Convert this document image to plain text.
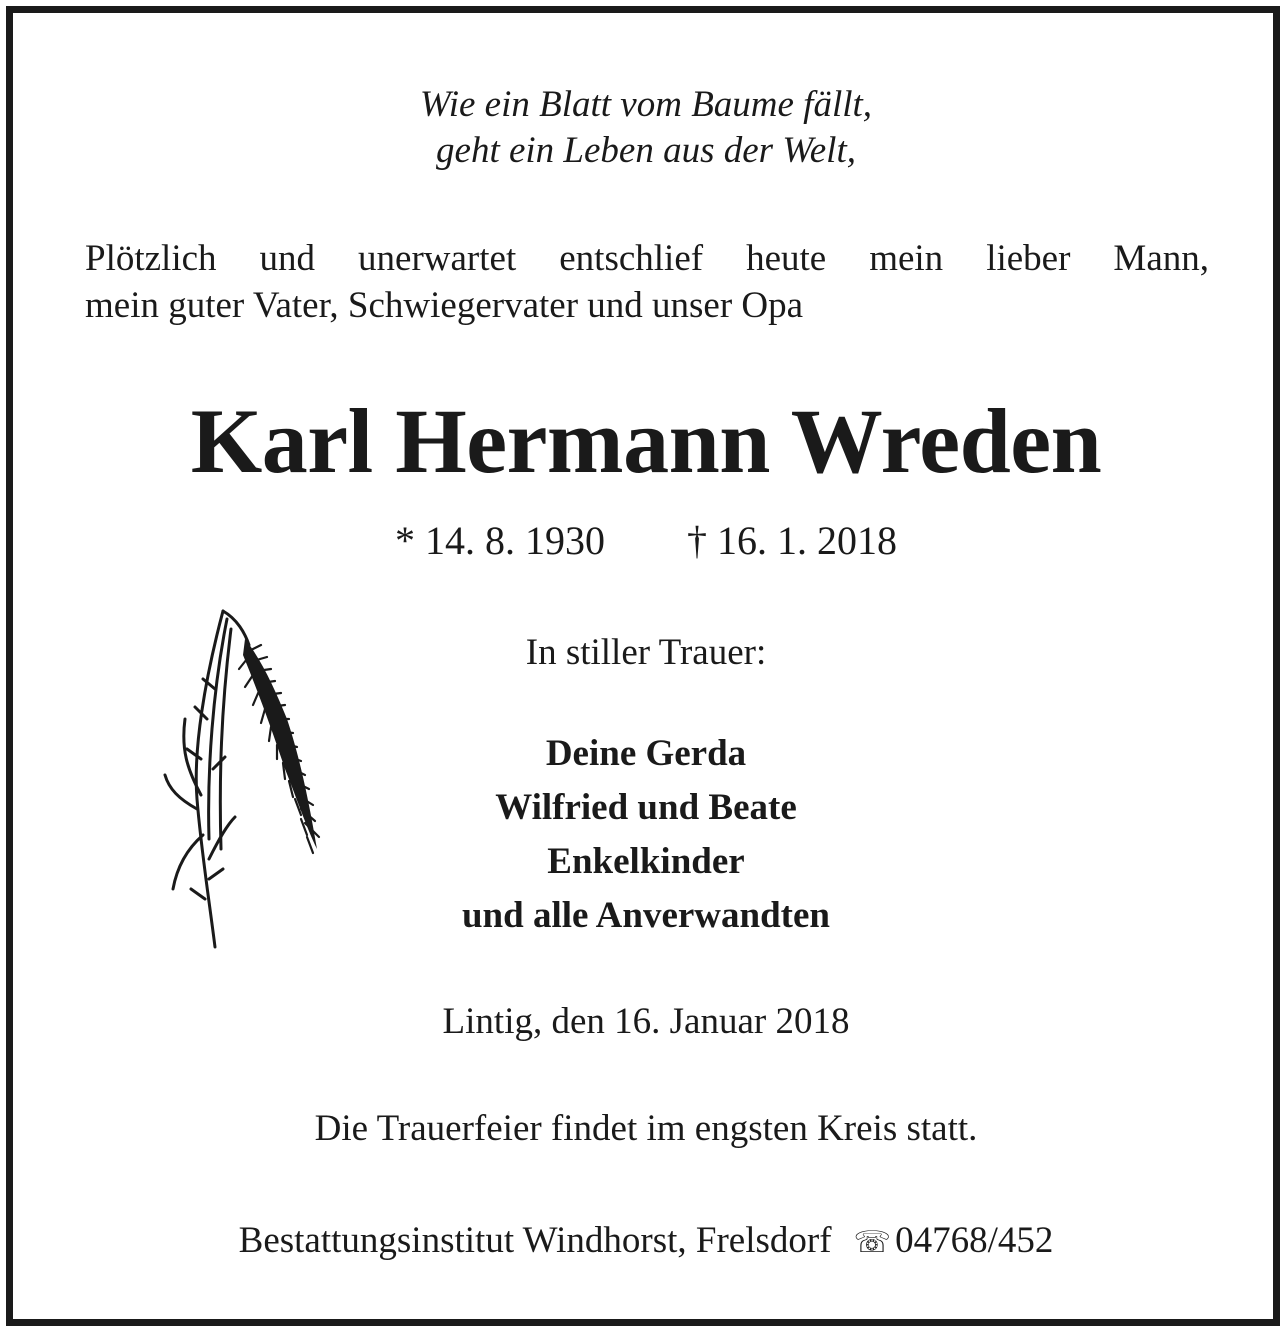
Wie ein Blatt vom Baume fällt,
geht ein Leben aus der Welt,
Plötzlich und unerwartet entschlief heute mein lieber Mann,
mein guter Vater, Schwiegervater und unser Opa
Karl Hermann Wreden
* 14. 8. 1930 † 16. 1. 2018
In stiller Trauer:
Deine Gerda
Wilfried und Beate
Enkelkinder
und alle Anverwandten
Lintig, den 16. Januar 2018
Die Trauerfeier findet im engsten Kreis statt.
Bestattungsinstitut Windhorst, Frelsdorf ☏ 04768/452
